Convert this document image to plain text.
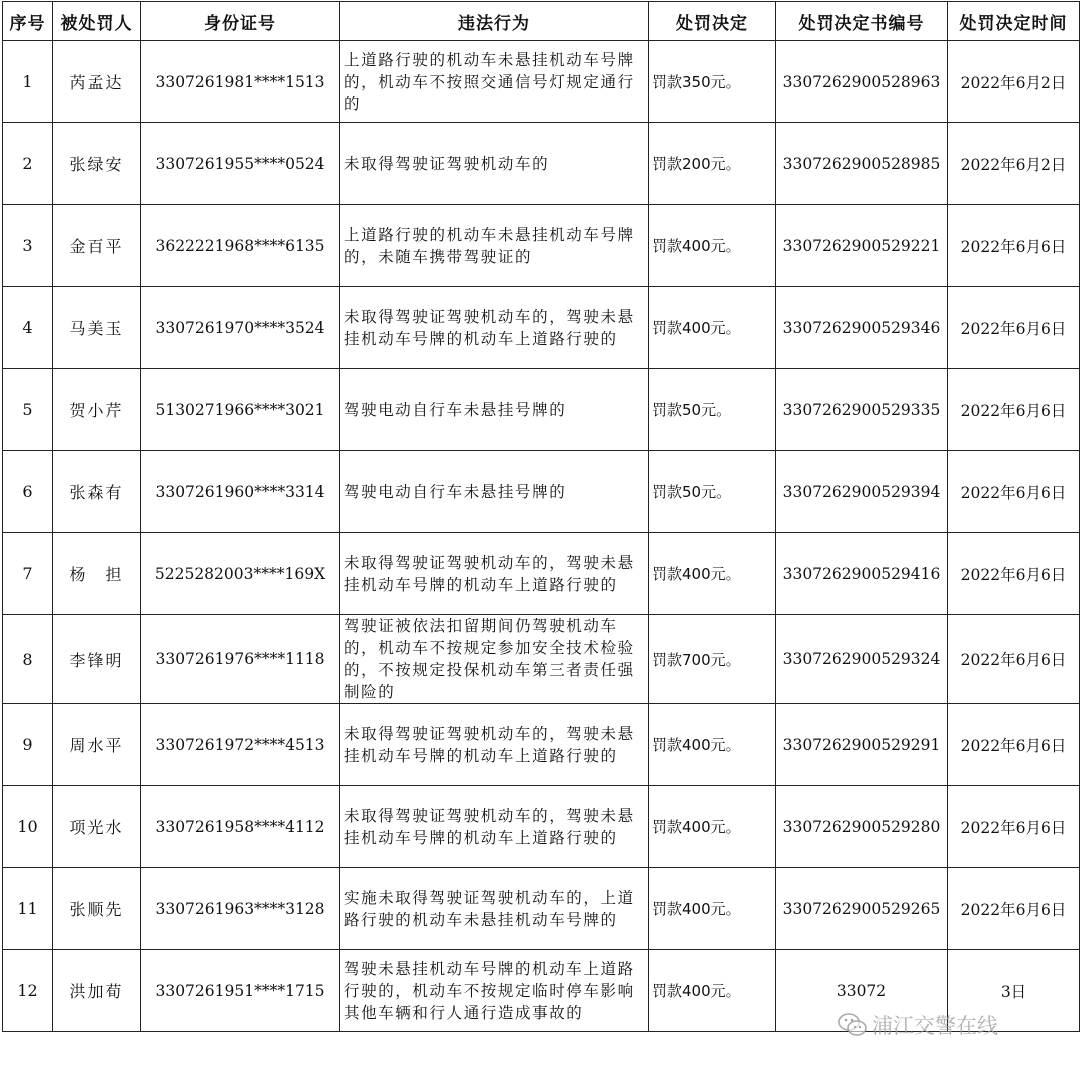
序号	被处罚人	身份证号	违法行为	处罚决定	处罚决定书编号	处罚决定时间
1	芮孟达	3307261981****1513	上道路行驶的机动车未悬挂机动车号牌的，机动车不按照交通信号灯规定通行的	罚款350元。	3307262900528963	2022年6月2日
2	张绿安	3307261955****0524	未取得驾驶证驾驶机动车的	罚款200元。	3307262900528985	2022年6月2日
3	金百平	3622221968****6135	上道路行驶的机动车未悬挂机动车号牌的，未随车携带驾驶证的	罚款400元。	3307262900529221	2022年6月6日
4	马美玉	3307261970****3524	未取得驾驶证驾驶机动车的，驾驶未悬挂机动车号牌的机动车上道路行驶的	罚款400元。	3307262900529346	2022年6月6日
5	贺小芹	5130271966****3021	驾驶电动自行车未悬挂号牌的	罚款50元。	3307262900529335	2022年6月6日
6	张森有	3307261960****3314	驾驶电动自行车未悬挂号牌的	罚款50元。	3307262900529394	2022年6月6日
7	杨　担	5225282003****169X	未取得驾驶证驾驶机动车的，驾驶未悬挂机动车号牌的机动车上道路行驶的	罚款400元。	3307262900529416	2022年6月6日
8	李锋明	3307261976****1118	驾驶证被依法扣留期间仍驾驶机动车的，机动车不按规定参加安全技术检验的，不按规定投保机动车第三者责任强制险的	罚款700元。	3307262900529324	2022年6月6日
9	周水平	3307261972****4513	未取得驾驶证驾驶机动车的，驾驶未悬挂机动车号牌的机动车上道路行驶的	罚款400元。	3307262900529291	2022年6月6日
10	项光水	3307261958****4112	未取得驾驶证驾驶机动车的，驾驶未悬挂机动车号牌的机动车上道路行驶的	罚款400元。	3307262900529280	2022年6月6日
11	张顺先	3307261963****3128	实施未取得驾驶证驾驶机动车的，上道路行驶的机动车未悬挂机动车号牌的	罚款400元。	3307262900529265	2022年6月6日
12	洪加荀	3307261951****1715	驾驶未悬挂机动车号牌的机动车上道路行驶的，机动车不按规定临时停车影响其他车辆和行人通行造成事故的	罚款400元。	33072	3日
浦江交警在线
